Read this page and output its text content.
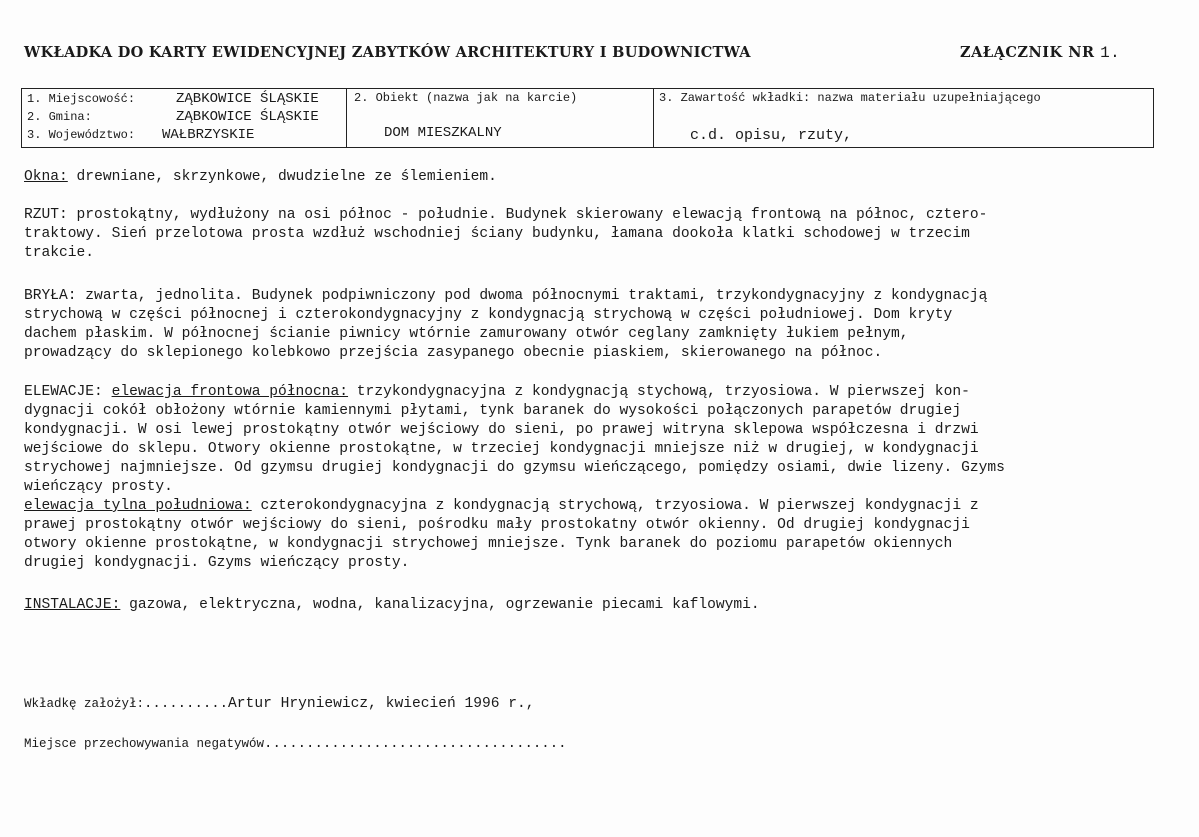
WKŁADKA DO KARTY EWIDENCYJNEJ ZABYTKÓW ARCHITEKTURY I BUDOWNICTWA	ZAŁĄCZNIK NR 1.
1. Miejscowość:	ZĄBKOWICE ŚLĄSKIE
2. Gmina:	ZĄBKOWICE ŚLĄSKIE
3. Województwo: WAŁBRZYSKIE
2. Obiekt (nazwa jak na karcie)
DOM MIESZKALNY
3. Zawartość wkładki: nazwa materiału uzupełniającego
c.d. opisu, rzuty,
Okna: drewniane, skrzynkowe, dwudzielne ze ślemieniem.
RZUT: prostokątny, wydłużony na osi północ - południe. Budynek skierowany elewacją frontową na północ, cztero-
traktowy. Sień przelotowa prosta wzdłuż wschodniej ściany budynku, łamana dookoła klatki schodowej w trzecim
trakcie.
BRYŁA: zwarta, jednolita. Budynek podpiwniczony pod dwoma północnymi traktami, trzykondygnacyjny z kondygnacją
strychową w części północnej i czterokondygnacyjny z kondygnacją strychową w części południowej. Dom kryty
dachem płaskim. W północnej ścianie piwnicy wtórnie zamurowany otwór ceglany zamknięty łukiem pełnym,
prowadzący do sklepionego kolebkowo przejścia zasypanego obecnie piaskiem, skierowanego na północ.
ELEWACJE: elewacja frontowa północna: trzykondygnacyjna z kondygnacją stychową, trzyosiowa. W pierwszej kon-
dygnacji cokół obłożony wtórnie kamiennymi płytami, tynk baranek do wysokości połączonych parapetów drugiej
kondygnacji. W osi lewej prostokątny otwór wejściowy do sieni, po prawej witryna sklepowa współczesna i drzwi
wejściowe do sklepu. Otwory okienne prostokątne, w trzeciej kondygnacji mniejsze niż w drugiej, w kondygnacji
strychowej najmniejsze. Od gzymsu drugiej kondygnacji do gzymsu wieńczącego, pomiędzy osiami, dwie lizeny. Gzyms
wieńczący prosty.
elewacja tylna południowa: czterokondygnacyjna z kondygnacją strychową, trzyosiowa. W pierwszej kondygnacji z
prawej prostokątny otwór wejściowy do sieni, pośrodku mały prostokatny otwór okienny. Od drugiej kondygnacji
otwory okienne prostokątne, w kondygnacji strychowej mniejsze. Tynk baranek do poziomu parapetów okiennych
drugiej kondygnacji. Gzyms wieńczący prosty.
INSTALACJE: gazowa, elektryczna, wodna, kanalizacyjna, ogrzewanie piecami kaflowymi.
Wkładkę założył:..........Artur Hryniewicz, kwiecień 1996 r.,
Miejsce przechowywania negatywów....................................
